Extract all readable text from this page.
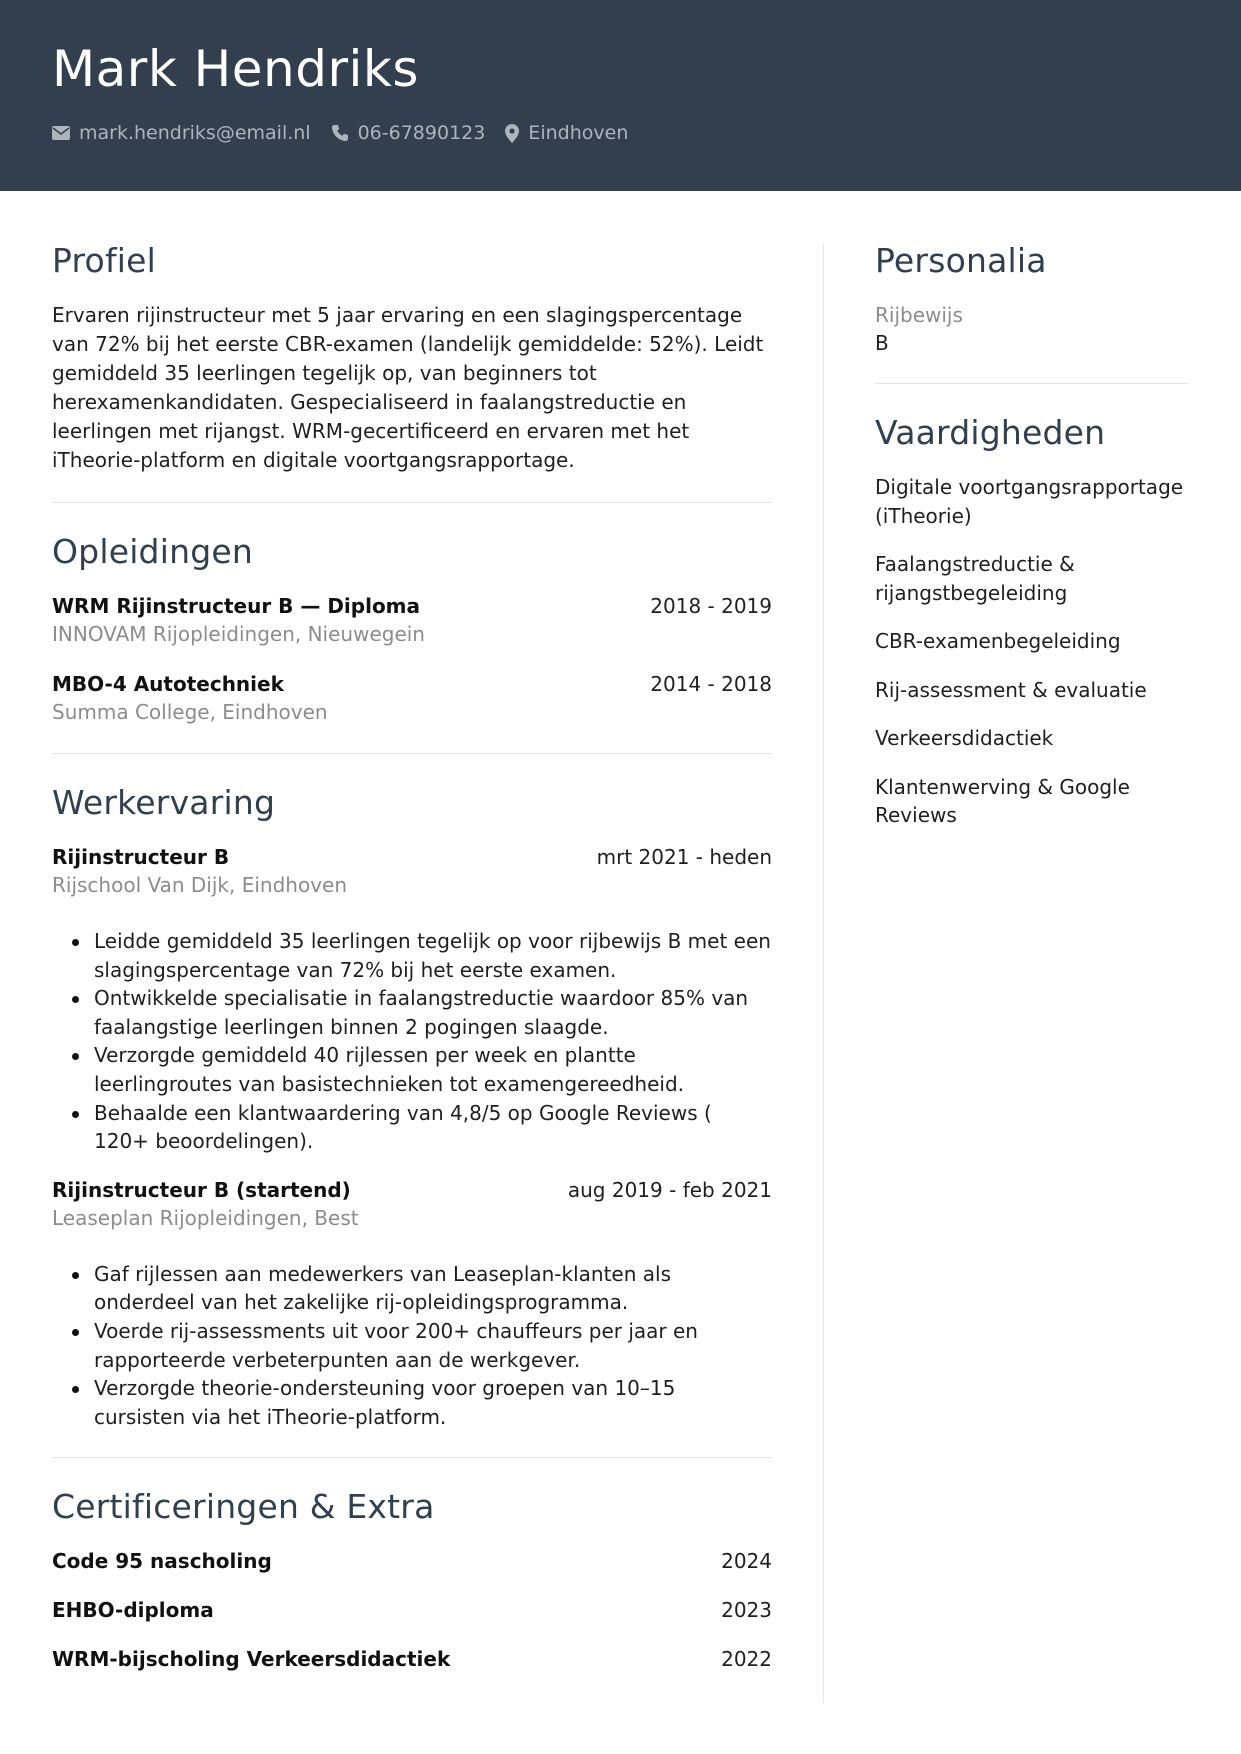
Mark Hendriks
mark.hendriks@email.nl 06-67890123 Eindhoven
Profiel

Ervaren rijinstructeur met 5 jaar ervaring en een slagingspercentage van 72% bij het eerste CBR-examen (landelijk gemiddelde: 52%). Leidt gemiddeld 35 leerlingen tegelijk op, van beginners tot herexamenkandidaten. Gespecialiseerd in faalangstreductie en leerlingen met rijangst. WRM-gecertificeerd en ervaren met het iTheorie-platform en digitale voortgangsrapportage.

Opleidingen
WRM Rijinstructeur B — Diploma	2018 - 2019
INNOVAM Rijopleidingen, Nieuwegein
MBO-4 Autotechniek	2014 - 2018
Summa College, Eindhoven
Werkervaring
Rijinstructeur B	mrt 2021 - heden
Rijschool Van Dijk, Eindhoven
Leidde gemiddeld 35 leerlingen tegelijk op voor rijbewijs B met een slagingspercentage van 72% bij het eerste examen.
Ontwikkelde specialisatie in faalangstreductie waardoor 85% van faalangstige leerlingen binnen 2 pogingen slaagde.
Verzorgde gemiddeld 40 rijlessen per week en plantte leerlingroutes van basistechnieken tot examengereedheid.
Behaalde een klantwaardering van 4,8/5 op Google Reviews ( 120+ beoordelingen).
Rijinstructeur B (startend)	aug 2019 - feb 2021
Leaseplan Rijopleidingen, Best
Gaf rijlessen aan medewerkers van Leaseplan-klanten als onderdeel van het zakelijke rij-opleidingsprogramma.
Voerde rij-assessments uit voor 200+ chauffeurs per jaar en rapporteerde verbeterpunten aan de werkgever.
Verzorgde theorie-ondersteuning voor groepen van 10–15 cursisten via het iTheorie-platform.
Certificeringen & Extra
Code 95 nascholing	2024
EHBO-diploma	2023
WRM-bijscholing Verkeersdidactiek	2022
Personalia
Rijbewijs
B
Vaardigheden
Digitale voortgangsrapportage (iTheorie)
Faalangstreductie & rijangstbegeleiding
CBR-examenbegeleiding
Rij-assessment & evaluatie
Verkeersdidactiek
Klantenwerving & Google Reviews
